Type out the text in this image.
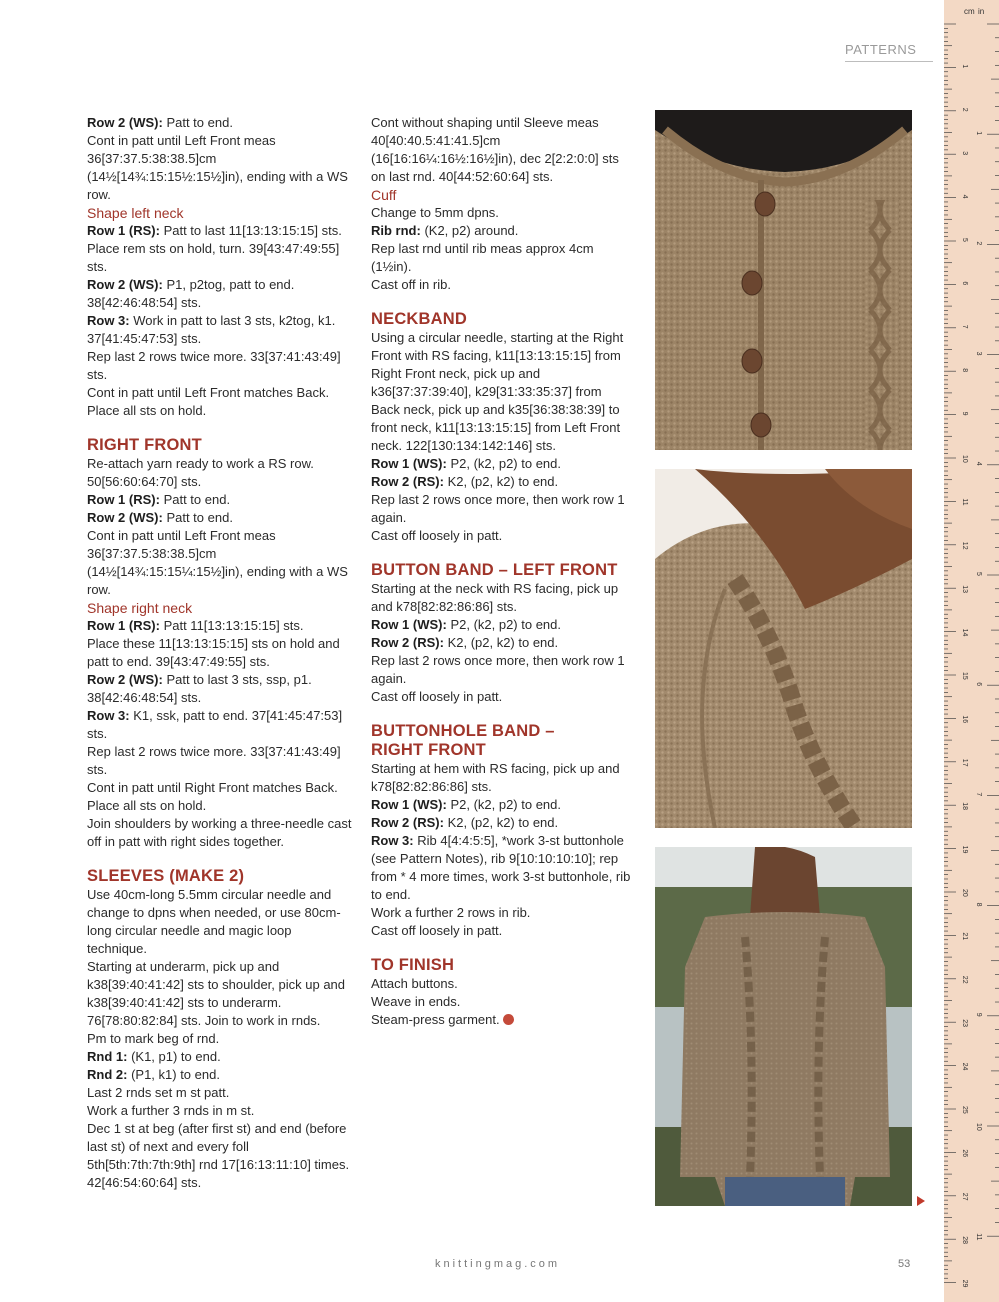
PATTERNS

Row 2 (WS): Patt to end.

Cont in patt until Left Front meas 36[37:37.5:38:38.5]cm (14½[14¾:15:15½:15½]in), ending with a WS row.

Shape left neck

Row 1 (RS): Patt to last 11[13:13:15:15] sts. Place rem sts on hold, turn. 39[43:47:49:55] sts.

Row 2 (WS): P1, p2tog, patt to end. 38[42:46:48:54] sts.

Row 3: Work in patt to last 3 sts, k2tog, k1. 37[41:45:47:53] sts.

Rep last 2 rows twice more. 33[37:41:43:49] sts.

Cont in patt until Left Front matches Back.

Place all sts on hold.

RIGHT FRONT

Re-attach yarn ready to work a RS row. 50[56:60:64:70] sts.

Row 1 (RS): Patt to end.

Row 2 (WS): Patt to end.

Cont in patt until Left Front meas 36[37:37.5:38:38.5]cm (14½[14¾:15:15¼:15½]in), ending with a WS row.

Shape right neck

Row 1 (RS): Patt 11[13:13:15:15] sts.

Place these 11[13:13:15:15] sts on hold and patt to end. 39[43:47:49:55] sts.

Row 2 (WS): Patt to last 3 sts, ssp, p1. 38[42:46:48:54] sts.

Row 3: K1, ssk, patt to end. 37[41:45:47:53] sts.

Rep last 2 rows twice more. 33[37:41:43:49] sts.

Cont in patt until Right Front matches Back.

Place all sts on hold.

Join shoulders by working a three-needle cast off in patt with right sides together.

SLEEVES (MAKE 2)

Use 40cm-long 5.5mm circular needle and change to dpns when needed, or use 80cm-long circular needle and magic loop technique.

Starting at underarm, pick up and k38[39:40:41:42] sts to shoulder, pick up and k38[39:40:41:42] sts to underarm. 76[78:80:82:84] sts. Join to work in rnds.

Pm to mark beg of rnd.

Rnd 1: (K1, p1) to end.

Rnd 2: (P1, k1) to end.

Last 2 rnds set m st patt.

Work a further 3 rnds in m st.

Dec 1 st at beg (after first st) and end (before last st) of next and every foll 5th[5th:7th:7th:9th] rnd 17[16:13:11:10] times. 42[46:54:60:64] sts.

Cont without shaping until Sleeve meas 40[40:40.5:41:41.5]cm (16[16:16¼:16½:16½]in), dec 2[2:2:0:0] sts on last rnd. 40[44:52:60:64] sts.

Cuff

Change to 5mm dpns.

Rib rnd: (K2, p2) around.

Rep last rnd until rib meas approx 4cm (1½in).

Cast off in rib.

NECKBAND

Using a circular needle, starting at the Right Front with RS facing, k11[13:13:15:15] from Right Front neck, pick up and k36[37:37:39:40], k29[31:33:35:37] from Back neck, pick up and k35[36:38:38:39] to front neck, k11[13:13:15:15] from Left Front neck. 122[130:134:142:146] sts.

Row 1 (WS): P2, (k2, p2) to end.

Row 2 (RS): K2, (p2, k2) to end.

Rep last 2 rows once more, then work row 1 again.

Cast off loosely in patt.

BUTTON BAND – LEFT FRONT

Starting at the neck with RS facing, pick up and k78[82:82:86:86] sts.

Row 1 (WS): P2, (k2, p2) to end.

Row 2 (RS): K2, (p2, k2) to end.

Rep last 2 rows once more, then work row 1 again.

Cast off loosely in patt.

BUTTONHOLE BAND –
RIGHT FRONT

Starting at hem with RS facing, pick up and k78[82:82:86:86] sts.

Row 1 (WS): P2, (k2, p2) to end.

Row 2 (RS): K2, (p2, k2) to end.

Row 3: Rib 4[4:4:5:5], *work 3-st buttonhole (see Pattern Notes), rib 9[10:10:10:10]; rep from * 4 more times, work 3-st buttonhole, rib to end.

Work a further 2 rows in rib.

Cast off loosely in patt.

TO FINISH

Attach buttons.

Weave in ends.

Steam-press garment.

knittingmag.com	53
cm in
1
2
3
4
5
6
7
8
9
10
11
12
13
14
15
16
17
18
19
20
21
22
23
24
25
26
27
28
29
1
2
3
4
5
6
7
8
9
10
11
